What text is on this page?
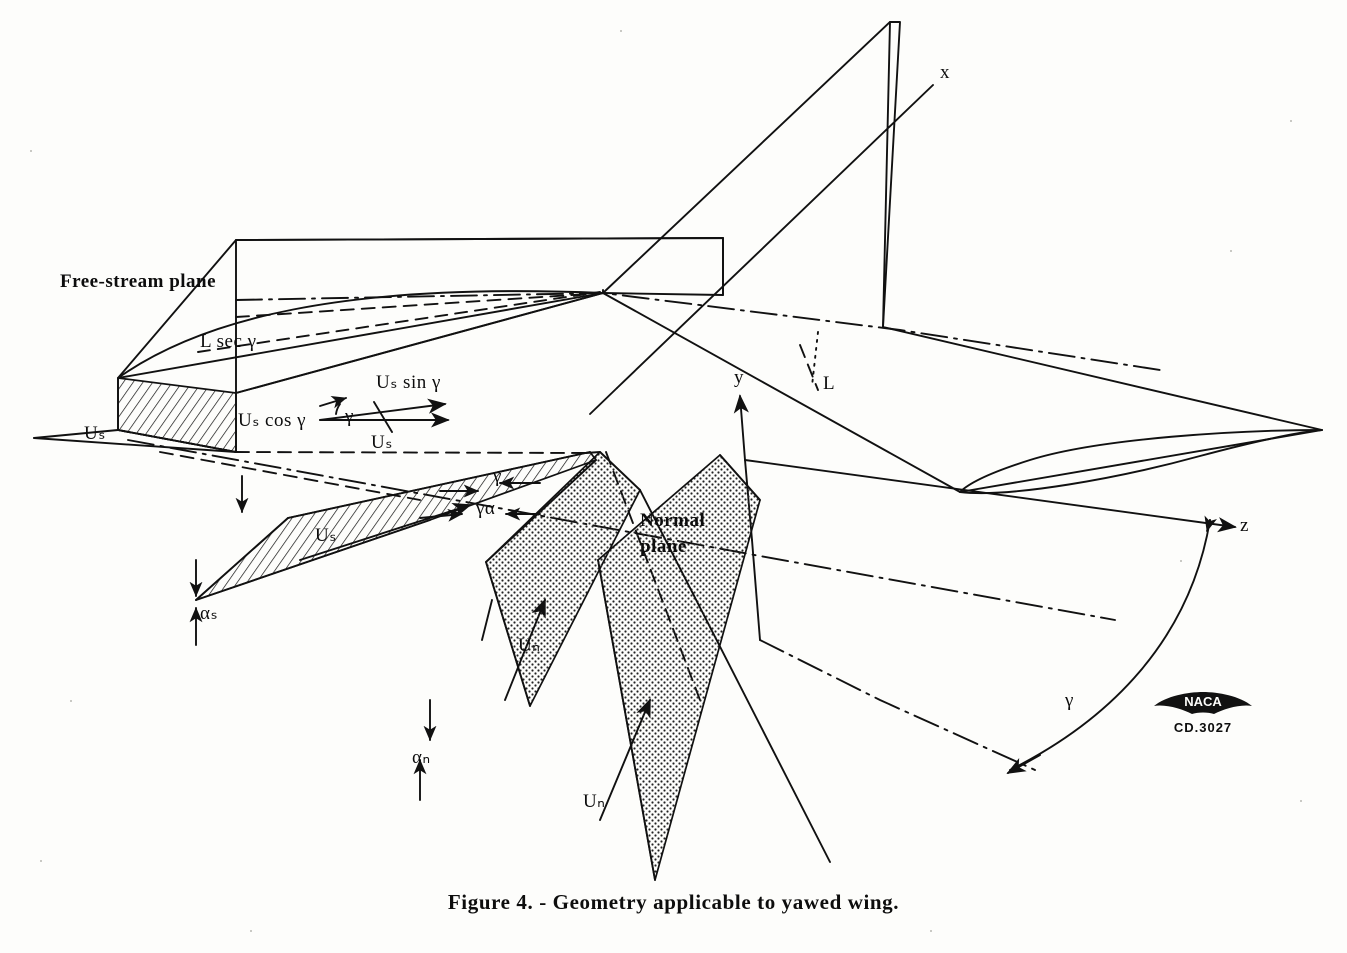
NACA
Free-stream plane
Normal
plane
L sec γ
Uₛ sin γ
Uₛ cos γ γ
Uₛ
Uₛ
Uₛ
γ
γα
αₛ
αₙ
Uₙ
Uₙ
x
y
z
L
γ
CD.3027
Figure 4. - Geometry applicable to yawed wing.
